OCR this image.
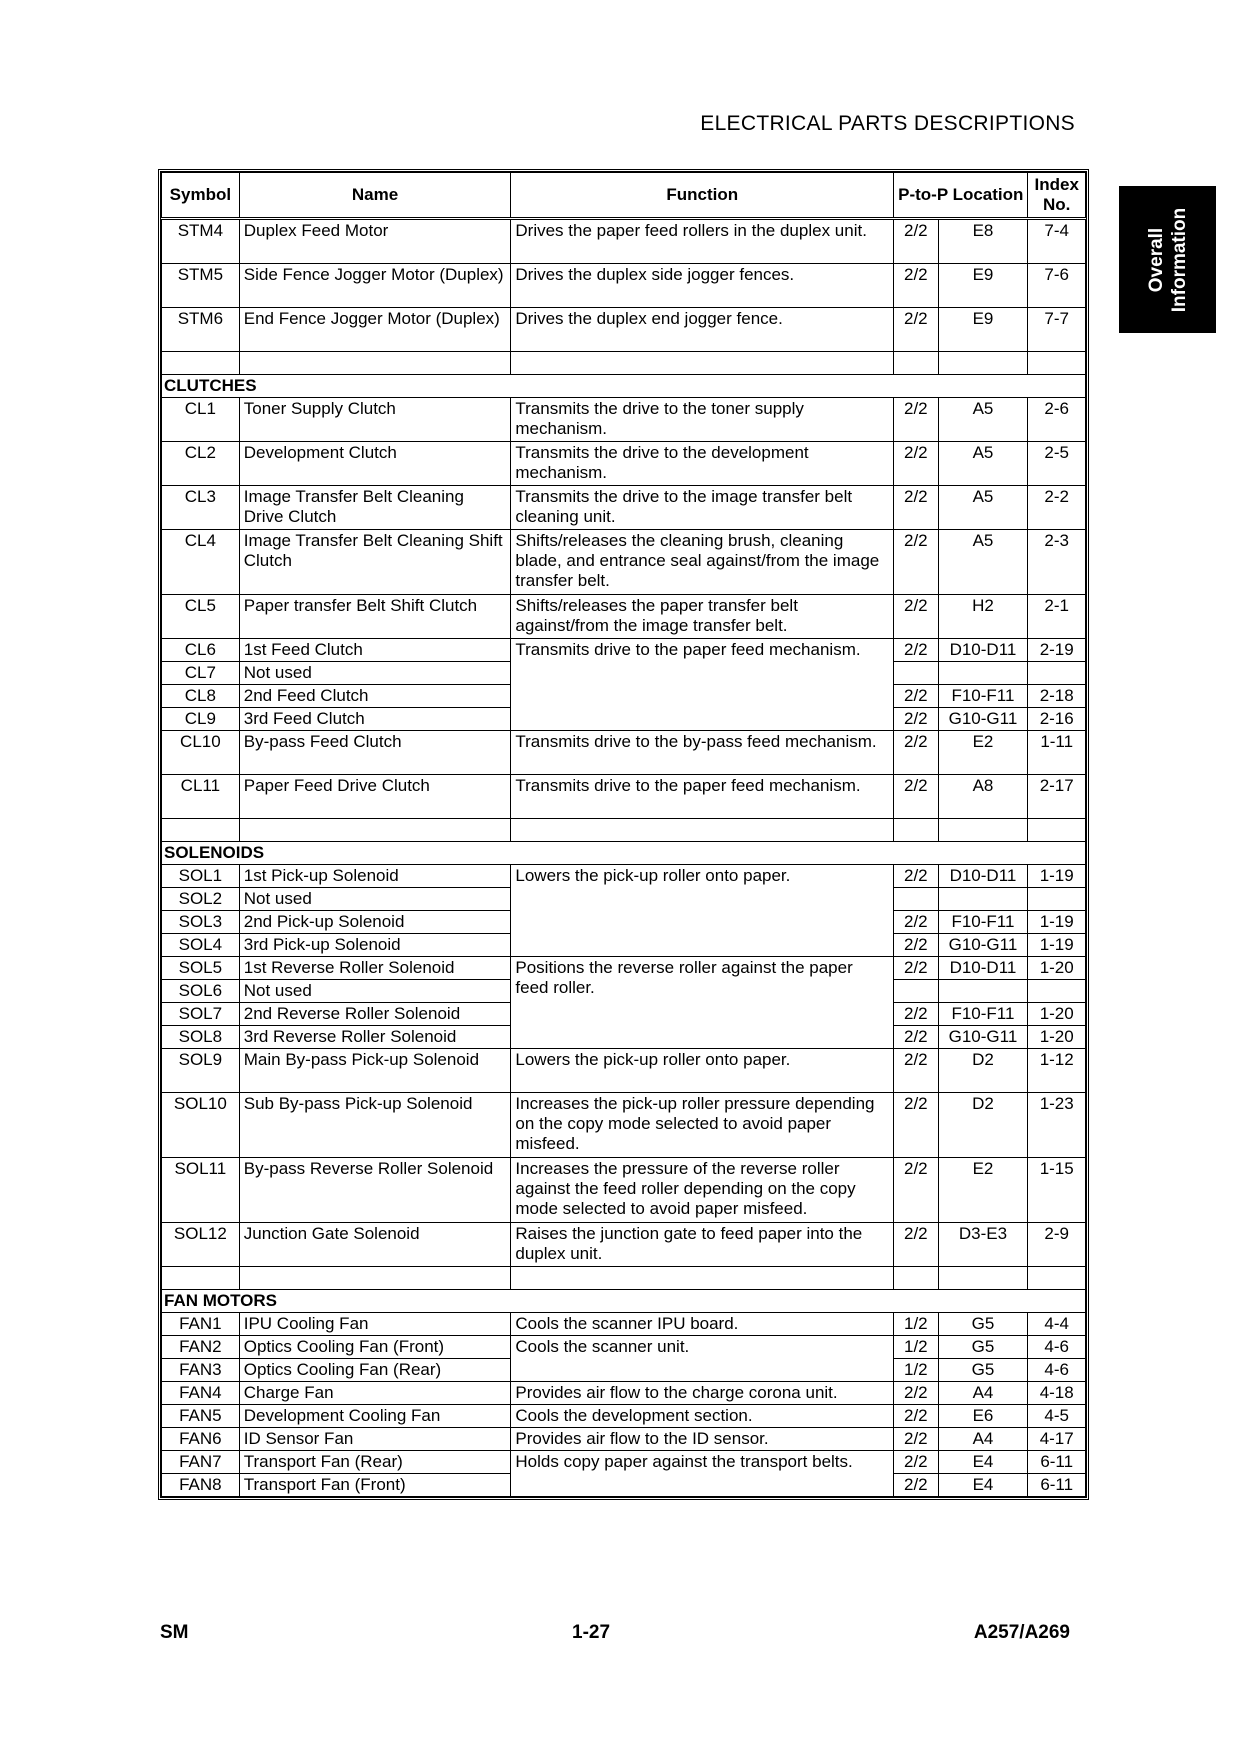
ELECTRICAL PARTS DESCRIPTIONS
Overall Information
Symbol	Name	Function	P-to-P Location		Index No.
STM4	Duplex Feed Motor	Drives the paper feed rollers in the duplex unit.	2/2	E8	7-4
STM5	Side Fence Jogger Motor (Duplex)	Drives the duplex side jogger fences.	2/2	E9	7-6
STM6	End Fence Jogger Motor (Duplex)	Drives the duplex end jogger fence.	2/2	E9	7-7

CLUTCHES					
CL1	Toner Supply Clutch	Transmits the drive to the toner supply mechanism.	2/2	A5	2-6
CL2	Development Clutch	Transmits the drive to the development mechanism.	2/2	A5	2-5
CL3	Image Transfer Belt Cleaning Drive Clutch	Transmits the drive to the image transfer belt cleaning unit.	2/2	A5	2-2
CL4	Image Transfer Belt Cleaning Shift Clutch	Shifts/releases the cleaning brush, cleaning blade, and entrance seal against/from the image transfer belt.	2/2	A5	2-3
CL5	Paper transfer Belt Shift Clutch	Shifts/releases the paper transfer belt against/from the image transfer belt.	2/2	H2	2-1
CL6	1st Feed Clutch	Transmits drive to the paper feed mechanism.	2/2	D10-D11	2-19
CL7	Not used				
CL8	2nd Feed Clutch		2/2	F10-F11	2-18
CL9	3rd Feed Clutch		2/2	G10-G11	2-16
CL10	By-pass Feed Clutch	Transmits drive to the by-pass feed mechanism.	2/2	E2	1-11
CL11	Paper Feed Drive Clutch	Transmits drive to the paper feed mechanism.	2/2	A8	2-17

SOLENOIDS					
SOL1	1st Pick-up Solenoid	Lowers the pick-up roller onto paper.	2/2	D10-D11	1-19
SOL2	Not used				
SOL3	2nd Pick-up Solenoid		2/2	F10-F11	1-19
SOL4	3rd Pick-up Solenoid		2/2	G10-G11	1-19
SOL5	1st Reverse Roller Solenoid	Positions the reverse roller against the paper feed roller.	2/2	D10-D11	1-20
SOL6	Not used				
SOL7	2nd Reverse Roller Solenoid		2/2	F10-F11	1-20
SOL8	3rd Reverse Roller Solenoid		2/2	G10-G11	1-20
SOL9	Main By-pass Pick-up Solenoid	Lowers the pick-up roller onto paper.	2/2	D2	1-12
SOL10	Sub By-pass Pick-up Solenoid	Increases the pick-up roller pressure depending on the copy mode selected to avoid paper misfeed.	2/2	D2	1-23
SOL11	By-pass Reverse Roller Solenoid	Increases the pressure of the reverse roller against the feed roller depending on the copy mode selected to avoid paper misfeed.	2/2	E2	1-15
SOL12	Junction Gate Solenoid	Raises the junction gate to feed paper into the duplex unit.	2/2	D3-E3	2-9

FAN MOTORS					
FAN1	IPU Cooling Fan	Cools the scanner IPU board.	1/2	G5	4-4
FAN2	Optics Cooling Fan (Front)	Cools the scanner unit.	1/2	G5	4-6
FAN3	Optics Cooling Fan (Rear)		1/2	G5	4-6
FAN4	Charge Fan	Provides air flow to the charge corona unit.	2/2	A4	4-18
FAN5	Development Cooling Fan	Cools the development section.	2/2	E6	4-5
FAN6	ID Sensor Fan	Provides air flow to the ID sensor.	2/2	A4	4-17
FAN7	Transport Fan (Rear)	Holds copy paper against the transport belts.	2/2	E4	6-11
FAN8	Transport Fan (Front)		2/2	E4	6-11
SM	1-27	A257/A269
